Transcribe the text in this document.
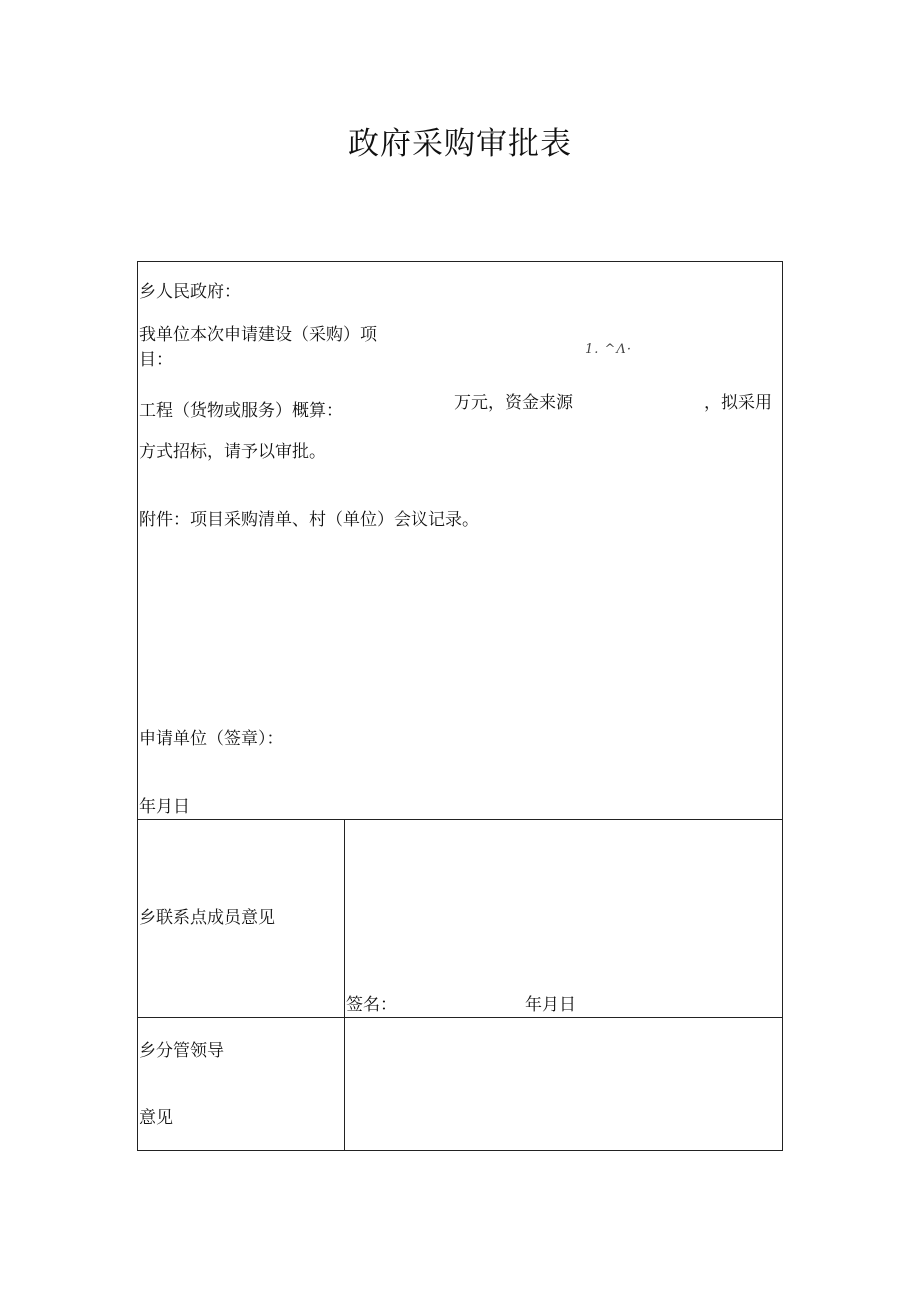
政府采购审批表
乡人民政府：
我单位本次申请建设（采购）项
目：
1. ^Λ·
工程（货物或服务）概算：	万元，资金来源	，拟采用
方式招标，请予以审批。
附件：项目采购清单、村（单位）会议记录。
申请单位（签章）：
年月日
乡联系点成员意见
签名：	年月日
乡分管领导
意见
